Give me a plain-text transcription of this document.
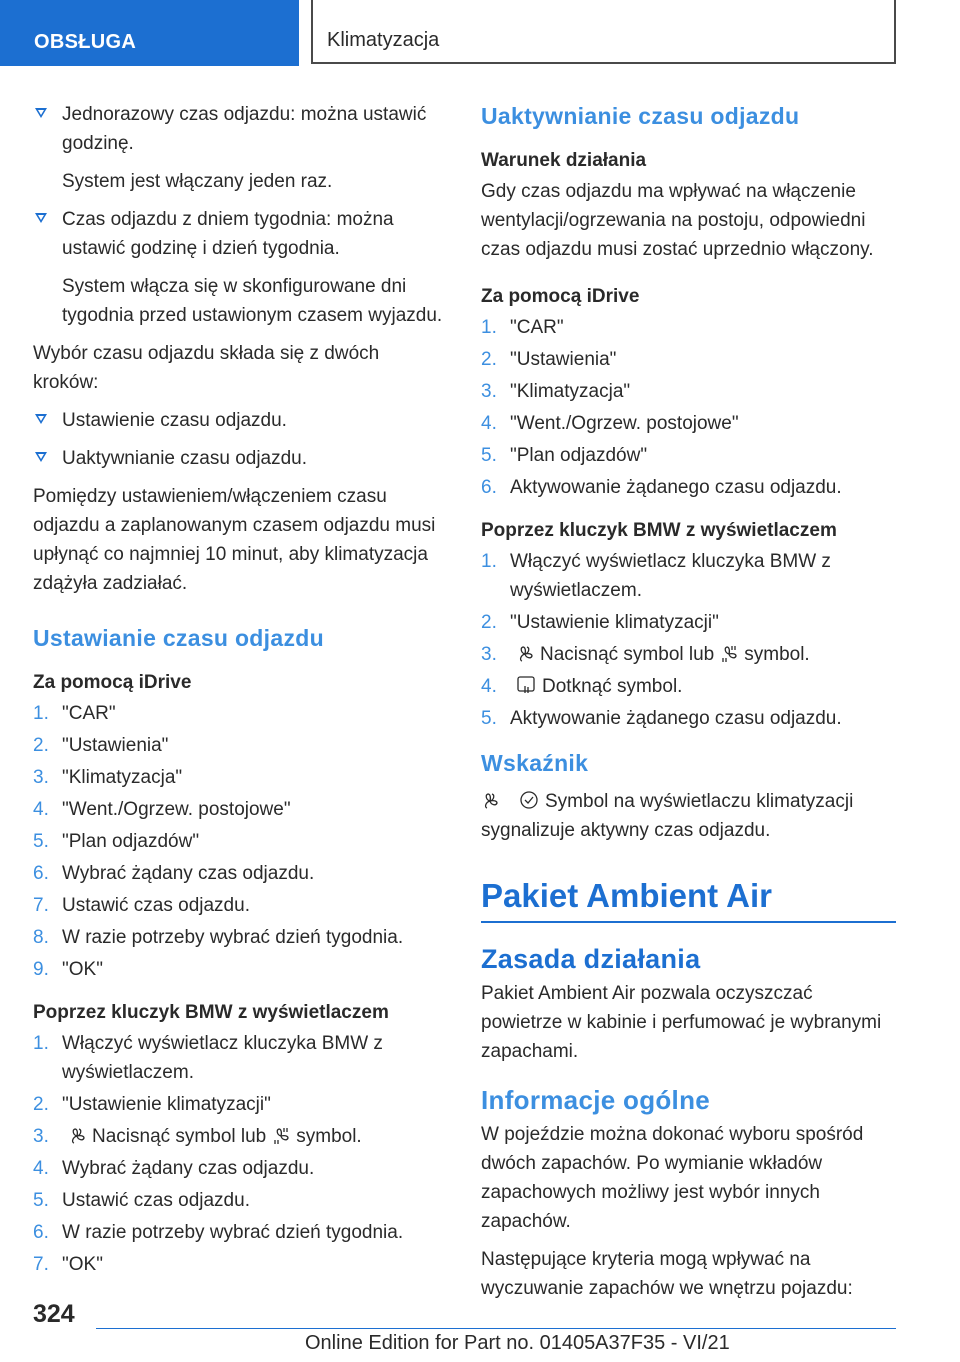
OBSŁUGA	Klimatyzacja
Jednorazowy czas odjazdu: można ustawić godzinę.

System jest włączany jeden raz.

Czas odjazdu z dniem tygodnia: można ustawić godzinę i dzień tygodnia.

System włącza się w skonfigurowane dni tygodnia przed ustawionym czasem wyjazdu.

Wybór czasu odjazdu składa się z dwóch kroków:

Ustawienie czasu odjazdu.
Uaktywnianie czasu odjazdu.

Pomiędzy ustawieniem/włączeniem czasu odjazdu a zaplanowanym czasem odjazdu musi upłynąć co najmniej 10 minut, aby klimatyzacja zdążyła zadziałać.

Ustawianie czasu odjazdu
Za pomocą iDrive
1. "CAR"
2. "Ustawienia"
3. "Klimatyzacja"
4. "Went./Ogrzew. postojowe"
5. "Plan odjazdów"
6. Wybrać żądany czas odjazdu.
7. Ustawić czas odjazdu.
8. W razie potrzeby wybrać dzień tygodnia.
9. "OK"
Poprzez kluczyk BMW z wyświetlaczem
1. Włączyć wyświetlacz kluczyka BMW z wyświetlaczem.
2. "Ustawienie klimatyzacji"
3. Nacisnąć symbol lub symbol.
4. Wybrać żądany czas odjazdu.
5. Ustawić czas odjazdu.
6. W razie potrzeby wybrać dzień tygodnia.
7. "OK"
Uaktywnianie czasu odjazdu
Warunek działania

Gdy czas odjazdu ma wpływać na włączenie wentylacji/ogrzewania na postoju, odpowiedni czas odjazdu musi zostać uprzednio włączony.

Za pomocą iDrive
1. "CAR"
2. "Ustawienia"
3. "Klimatyzacja"
4. "Went./Ogrzew. postojowe"
5. "Plan odjazdów"
6. Aktywowanie żądanego czasu odjazdu.
Poprzez kluczyk BMW z wyświetlaczem
1. Włączyć wyświetlacz kluczyka BMW z wyświetlaczem.
2. "Ustawienie klimatyzacji"
3. Nacisnąć symbol lub symbol.
4. Dotknąć symbol.
5. Aktywowanie żądanego czasu odjazdu.
Wskaźnik

Symbol na wyświetlaczu klimatyzacji
sygnalizuje aktywny czas odjazdu.

Pakiet Ambient Air
Zasada działania

Pakiet Ambient Air pozwala oczyszczać powietrze w kabinie i perfumować je wybranymi zapachami.

Informacje ogólne

W pojeździe można dokonać wyboru spośród dwóch zapachów. Po wymianie wkładów zapachowych możliwy jest wybór innych zapachów.

Następujące kryteria mogą wpływać na wyczuwanie zapachów we wnętrzu pojazdu:

324
Online Edition for Part no. 01405A37F35 - VI/21
